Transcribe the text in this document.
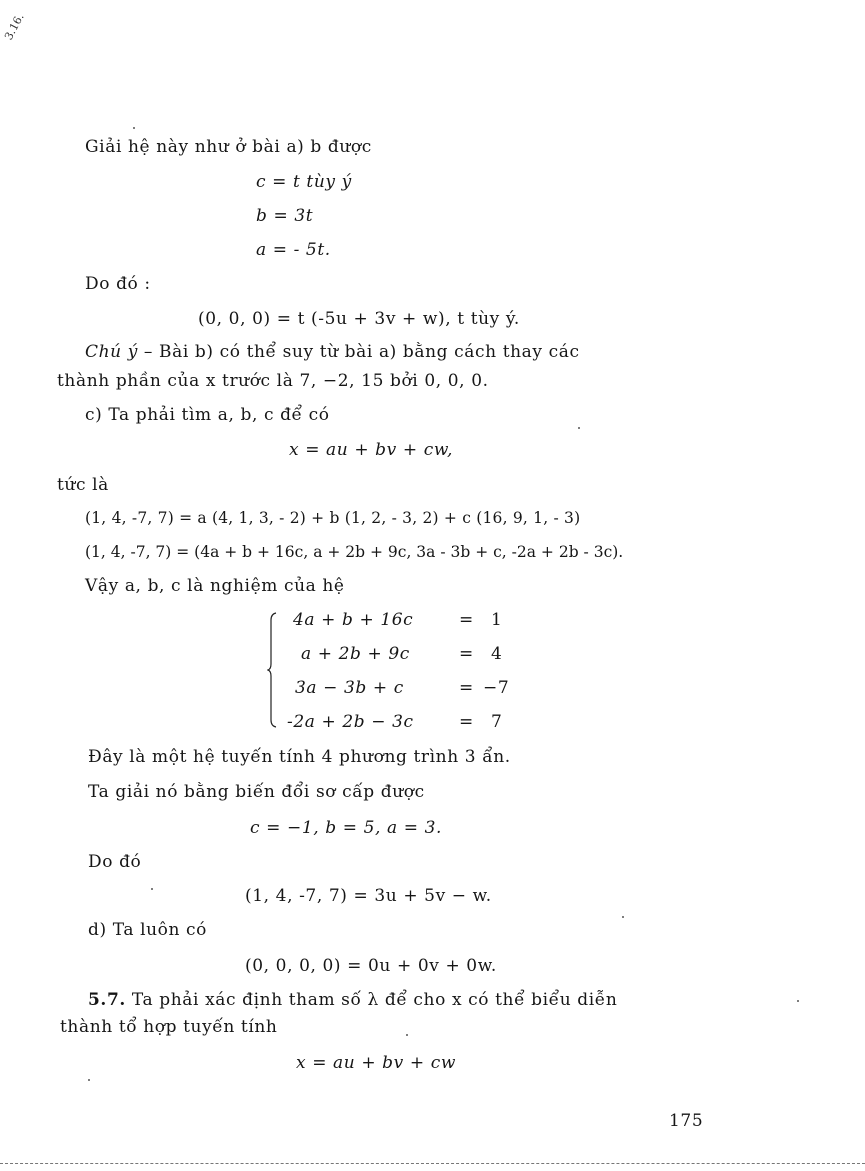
3.16.
Giải hệ này như ở bài a) b được
c = t tùy ý
b = 3t
a = - 5t.
Do đó :
(0, 0, 0) = t (-5u + 3v + w), t tùy ý.
Chú ý – Bài b) có thể suy từ bài a) bằng cách thay các
thành phần của x trước là 7, −2, 15 bởi 0, 0, 0.
c) Ta phải tìm a, b, c để có
x = au + bv + cw,
tức là
(1, 4, -7, 7) = a (4, 1, 3, - 2) + b (1, 2, - 3, 2) + c (16, 9, 1, - 3)
(1, 4, -7, 7) = (4a + b + 16c, a + 2b + 9c, 3a - 3b + c, -2a + 2b - 3c).
Vậy a, b, c là nghiệm của hệ
4a + b + 16c	= 1
a + 2b + 9c	= 4
3a − 3b + c	= −7
-2a + 2b − 3c	= 7
Đây là một hệ tuyến tính 4 phương trình 3 ẩn.
Ta giải nó bằng biến đổi sơ cấp được
c = −1, b = 5, a = 3.
Do đó
(1, 4, -7, 7) = 3u + 5v − w.
d) Ta luôn có
(0, 0, 0, 0) = 0u + 0v + 0w.
5.7. Ta phải xác định tham số λ để cho x có thể biểu diễn
thành tổ hợp tuyến tính
x = au + bv + cw
175
